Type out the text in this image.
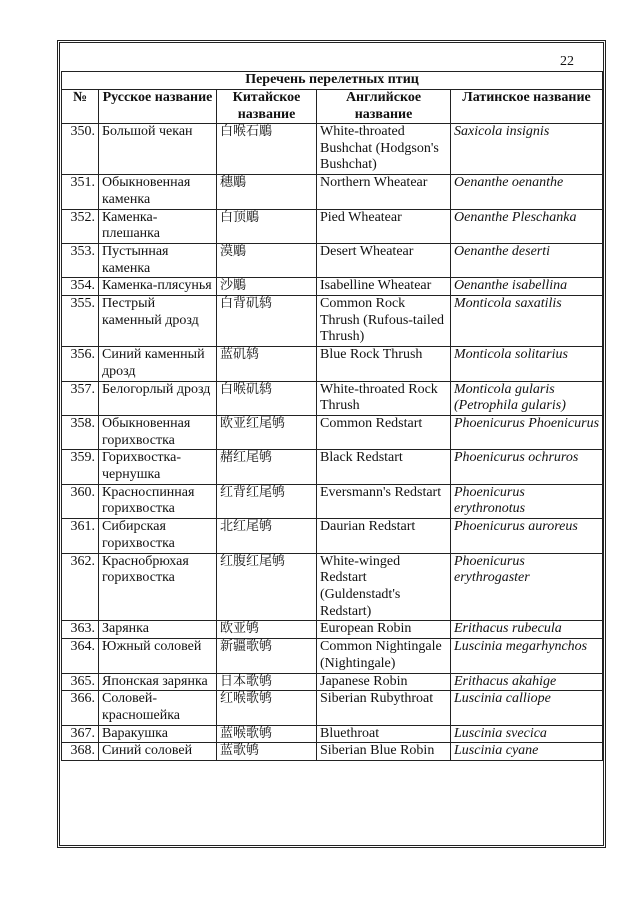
22
Перечень перелетных птиц				
№	Русское название	Китайское название	Английское название	Латинское название
350.	Большой чекан	白喉石鵰	White-throated Bushchat (Hodgson's Bushchat)	Saxicola insignis
351.	Обыкновенная каменка	穗鵰	Northern Wheatear	Oenanthe oenanthe
352.	Каменка-плешанка	白顶鵰	Pied Wheatear	Oenanthe Pleschanka
353.	Пустынная каменка	漠鵰	Desert Wheatear	Oenanthe deserti
354.	Каменка-плясунья	沙鵰	Isabelline Wheatear	Oenanthe isabellina
355.	Пестрый каменный дрозд	白背矶鸫	Common Rock Thrush (Rufous-tailed Thrush)	Monticola saxatilis
356.	Синий каменный дрозд	蓝矶鸫	Blue Rock Thrush	Monticola solitarius
357.	Белогорлый дрозд	白喉矶鸫	White-throated Rock Thrush	Monticola gularis (Petrophila gularis)
358.	Обыкновенная горихвостка	欧亚红尾鸲	Common Redstart	Phoenicurus Phoenicurus
359.	Горихвостка-чернушка	赭红尾鸲	Black Redstart	Phoenicurus ochruros
360.	Красноспинная горихвостка	红背红尾鸲	Eversmann's Redstart	Phoenicurus erythronotus
361.	Сибирская горихвостка	北红尾鸲	Daurian Redstart	Phoenicurus auroreus
362.	Краснобрюхая горихвостка	红腹红尾鸲	White-winged Redstart (Guldenstadt's Redstart)	Phoenicurus erythrogaster
363.	Зарянка	欧亚鸲	European Robin	Erithacus rubecula
364.	Южный соловей	新疆歌鸲	Common Nightingale (Nightingale)	Luscinia megarhynchos
365.	Японская зарянка	日本歌鸲	Japanese Robin	Erithacus akahige
366.	Соловей-красношейка	红喉歌鸲	Siberian Rubythroat	Luscinia calliope
367.	Варакушка	蓝喉歌鸲	Bluethroat	Luscinia svecica
368.	Синий соловей	蓝歌鸲	Siberian Blue Robin	Luscinia cyane
